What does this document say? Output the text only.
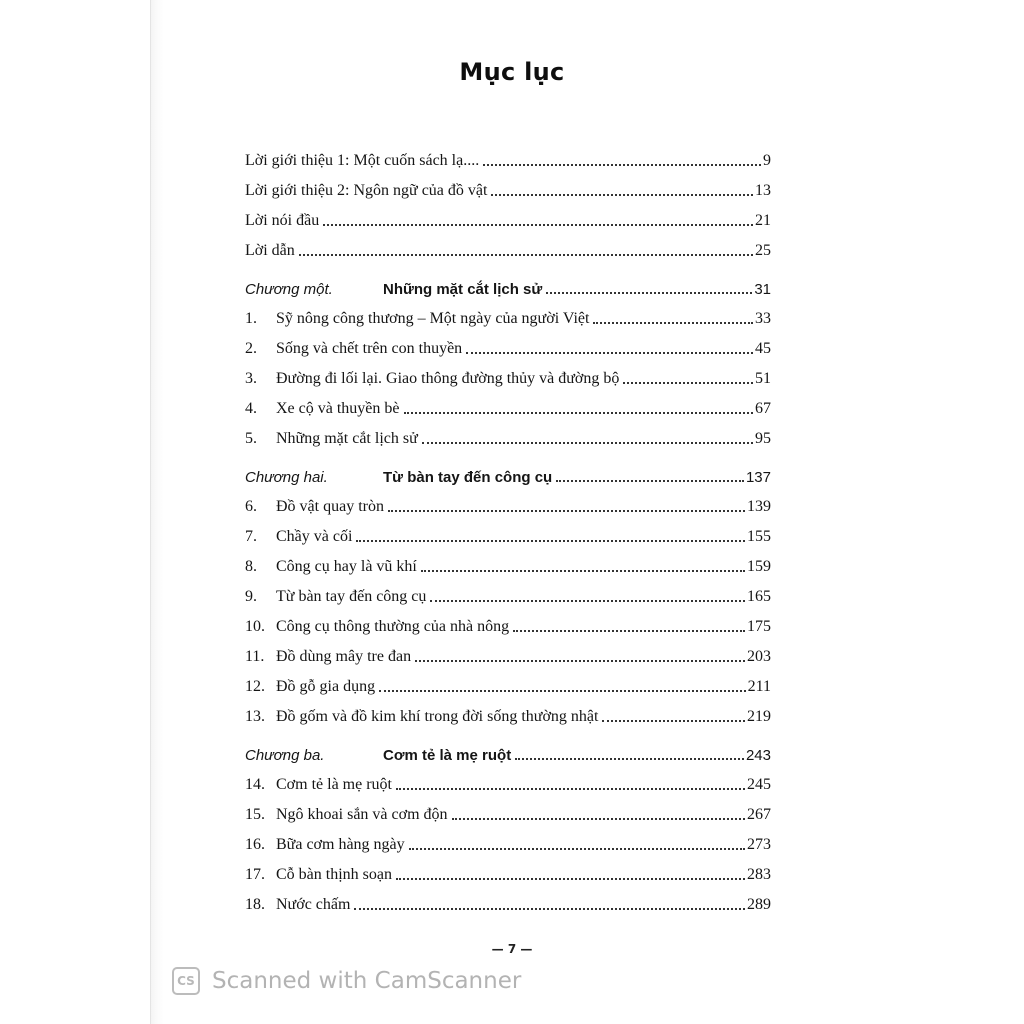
Mục lục
Lời giới thiệu 1: Một cuốn sách lạ....	9
Lời giới thiệu 2: Ngôn ngữ của đồ vật	13
Lời nói đầu	21
Lời dẫn	25
Chương một.	Những mặt cắt lịch sử	31
1.	Sỹ nông công thương – Một ngày của người Việt	33
2.	Sống và chết trên con thuyền	45
3.	Đường đi lối lại. Giao thông đường thủy và đường bộ	51
4.	Xe cộ và thuyền bè	67
5.	Những mặt cắt lịch sử	95
Chương hai.	Từ bàn tay đến công cụ	137
6.	Đồ vật quay tròn	139
7.	Chầy và cối	155
8.	Công cụ hay là vũ khí	159
9.	Từ bàn tay đến công cụ	165
10. Công cụ thông thường của nhà nông	175
11. Đồ dùng mây tre đan	203
12. Đồ gỗ gia dụng	211
13. Đồ gốm và đồ kim khí trong đời sống thường nhật	219
Chương ba.	Cơm tẻ là mẹ ruột	243
14. Cơm tẻ là mẹ ruột	245
15. Ngô khoai sắn và cơm độn	267
16. Bữa cơm hàng ngày	273
17. Cỗ bàn thịnh soạn	283
18. Nước chấm	289
— 7 —
CS Scanned with CamScanner
